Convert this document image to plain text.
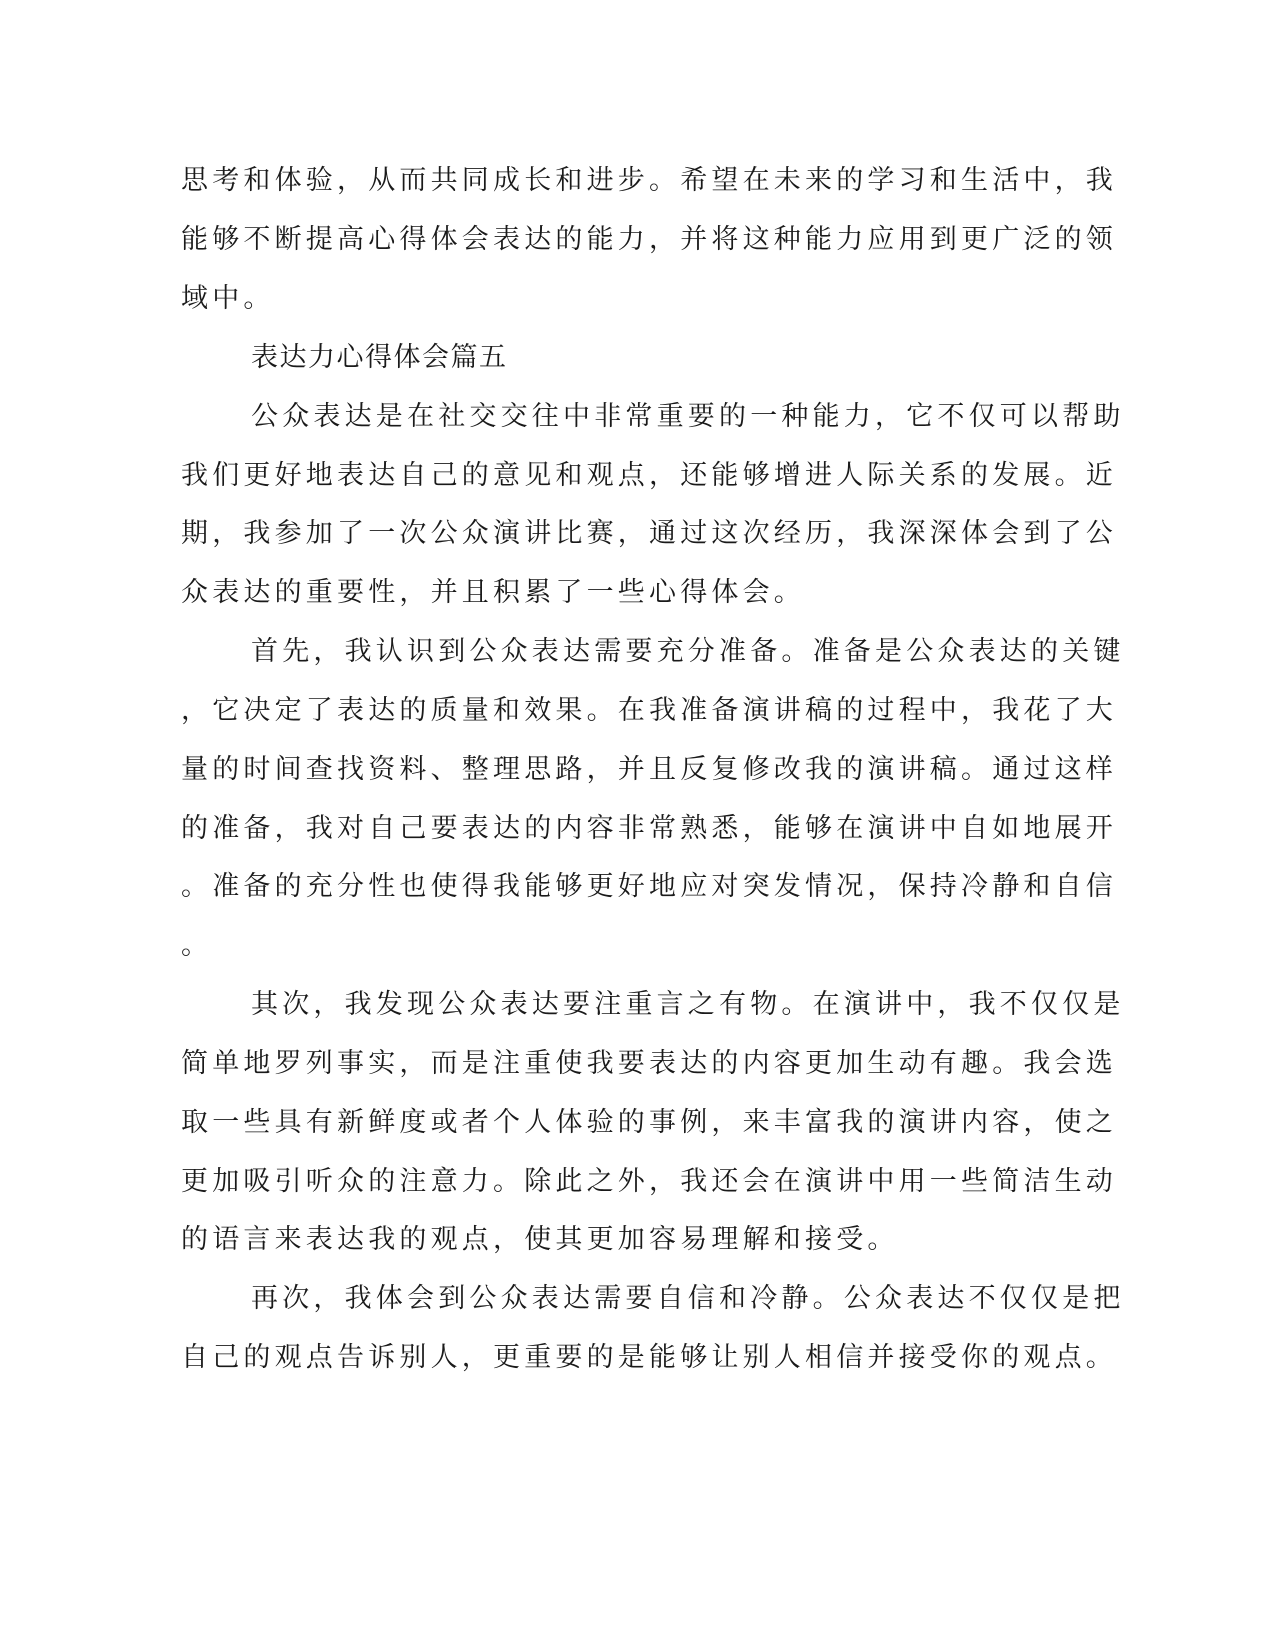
思考和体验，从而共同成长和进步。希望在未来的学习和生活中，我
能够不断提高心得体会表达的能力，并将这种能力应用到更广泛的领
域中。
表达力心得体会篇五
公众表达是在社交交往中非常重要的一种能力，它不仅可以帮助
我们更好地表达自己的意见和观点，还能够增进人际关系的发展。近
期，我参加了一次公众演讲比赛，通过这次经历，我深深体会到了公
众表达的重要性，并且积累了一些心得体会。
首先，我认识到公众表达需要充分准备。准备是公众表达的关键
，它决定了表达的质量和效果。在我准备演讲稿的过程中，我花了大
量的时间查找资料、整理思路，并且反复修改我的演讲稿。通过这样
的准备，我对自己要表达的内容非常熟悉，能够在演讲中自如地展开
。准备的充分性也使得我能够更好地应对突发情况，保持冷静和自信
。
其次，我发现公众表达要注重言之有物。在演讲中，我不仅仅是
简单地罗列事实，而是注重使我要表达的内容更加生动有趣。我会选
取一些具有新鲜度或者个人体验的事例，来丰富我的演讲内容，使之
更加吸引听众的注意力。除此之外，我还会在演讲中用一些简洁生动
的语言来表达我的观点，使其更加容易理解和接受。
再次，我体会到公众表达需要自信和冷静。公众表达不仅仅是把
自己的观点告诉别人，更重要的是能够让别人相信并接受你的观点。
